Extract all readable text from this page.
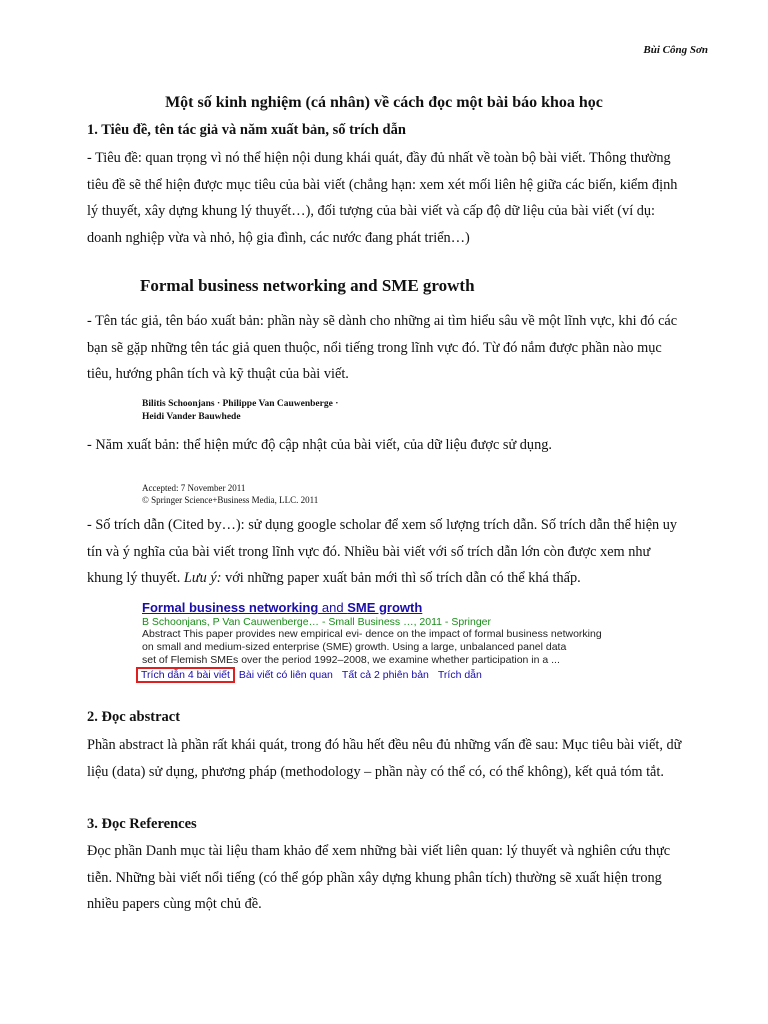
Bùi Công Sơn
Một số kinh nghiệm (cá nhân) về cách đọc một bài báo khoa học
1. Tiêu đề, tên tác giả và năm xuất bản, số trích dẫn
- Tiêu đề: quan trọng vì nó thể hiện nội dung khái quát, đầy đủ nhất về toàn bộ bài viết. Thông thường tiêu đề sẽ thể hiện được mục tiêu của bài viết (chẳng hạn: xem xét mối liên hệ giữa các biến, kiểm định lý thuyết, xây dựng khung lý thuyết…), đối tượng của bài viết và cấp độ dữ liệu của bài viết (ví dụ: doanh nghiệp vừa và nhỏ, hộ gia đình, các nước đang phát triển…)
Formal business networking and SME growth
- Tên tác giả, tên báo xuất bản: phần này sẽ dành cho những ai tìm hiểu sâu về một lĩnh vực, khi đó các bạn sẽ gặp những tên tác giả quen thuộc, nổi tiếng trong lĩnh vực đó. Từ đó nắm được phần nào mục tiêu, hướng phân tích và kỹ thuật của bài viết.
Bilitis Schoonjans · Philippe Van Cauwenberge ·
Heidi Vander Bauwhede
- Năm xuất bản: thể hiện mức độ cập nhật của bài viết, của dữ liệu được sử dụng.
Accepted: 7 November 2011
© Springer Science+Business Media, LLC. 2011
- Số trích dẫn (Cited by…): sử dụng google scholar để xem số lượng trích dẫn. Số trích dẫn thể hiện uy tín và ý nghĩa của bài viết trong lĩnh vực đó. Nhiều bài viết với số trích dẫn lớn còn được xem như khung lý thuyết. Lưu ý: với những paper xuất bản mới thì số trích dẫn có thể khá thấp.
Formal business networking and SME growth
B Schoonjans, P Van Cauwenberge… - Small Business …, 2011 - Springer
Abstract This paper provides new empirical evi- dence on the impact of formal business networking
on small and medium-sized enterprise (SME) growth. Using a large, unbalanced panel data
set of Flemish SMEs over the period 1992–2008, we examine whether participation in a ...
Trích dẫn 4 bài viết Bài viết có liên quan Tất cả 2 phiên bản Trích dẫn
2. Đọc abstract
Phần abstract là phần rất khái quát, trong đó hầu hết đều nêu đủ những vấn đề sau: Mục tiêu bài viết, dữ liệu (data) sử dụng, phương pháp (methodology – phần này có thể có, có thể không), kết quả tóm tắt.
3. Đọc References
Đọc phần Danh mục tài liệu tham khảo để xem những bài viết liên quan: lý thuyết và nghiên cứu thực tiễn. Những bài viết nổi tiếng (có thể góp phần xây dựng khung phân tích) thường sẽ xuất hiện trong nhiều papers cùng một chủ đề.
